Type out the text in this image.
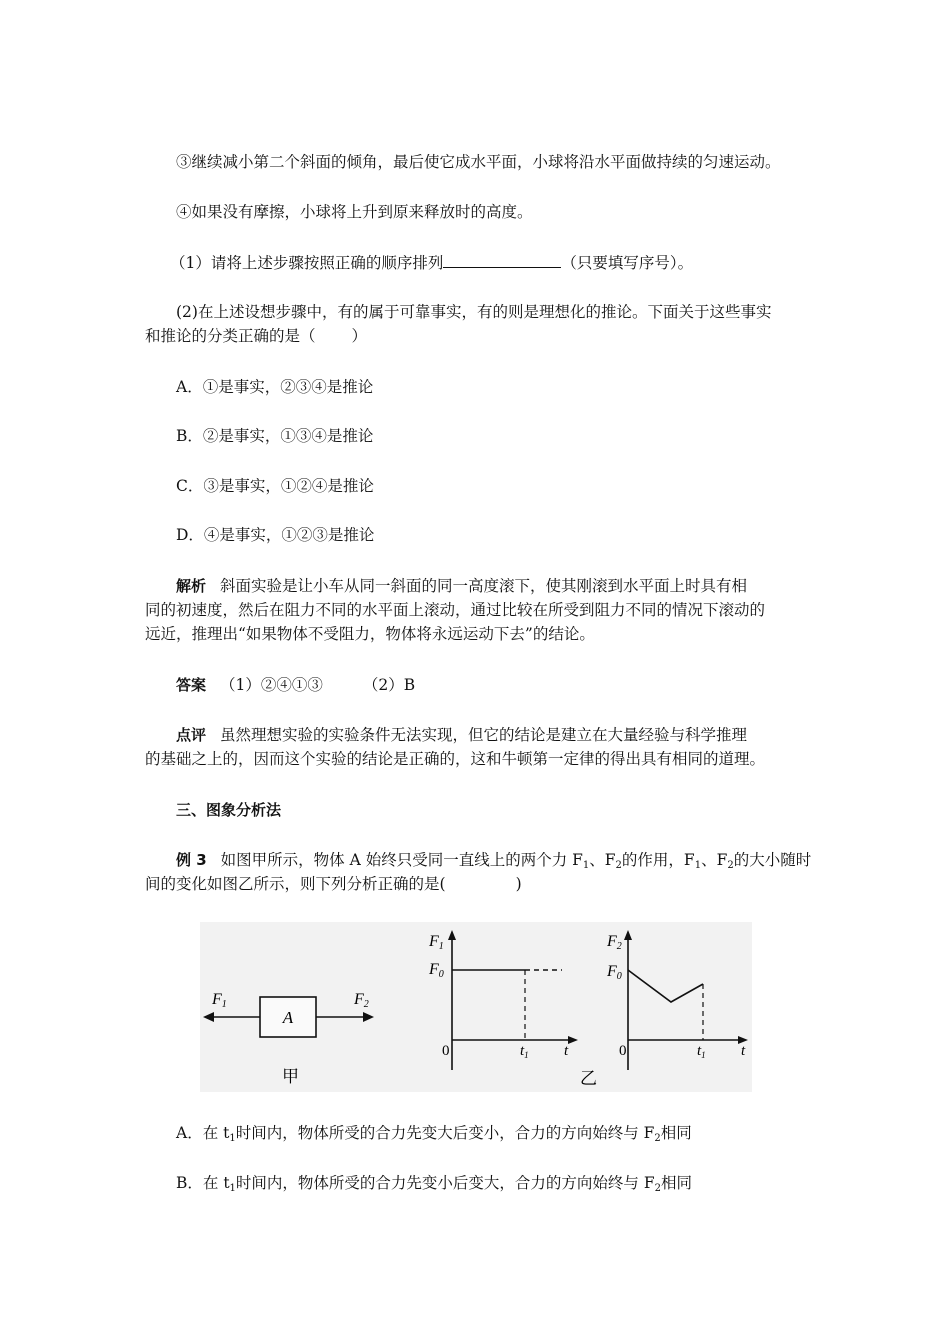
③继续减小第二个斜面的倾角，最后使它成水平面，小球将沿水平面做持续的匀速运动。
④如果没有摩擦，小球将上升到原来释放时的高度。
（1）请将上述步骤按照正确的顺序排列	（只要填写序号）。
(2)在上述设想步骤中，有的属于可靠事实，有的则是理想化的推论。下面关于这些事实
和推论的分类正确的是（ ）
A．①是事实，②③④是推论
B．②是事实，①③④是推论
C．③是事实，①②④是推论
D．④是事实，①②③是推论
解析 斜面实验是让小车从同一斜面的同一高度滚下，使其刚滚到水平面上时具有相
同的初速度，然后在阻力不同的水平面上滚动，通过比较在所受到阻力不同的情况下滚动的
远近，推理出“如果物体不受阻力，物体将永远运动下去”的结论。
答案 （1）②④①③	（2）B
点评 虽然理想实验的实验条件无法实现，但它的结论是建立在大量经验与科学推理
的基础之上的，因而这个实验的结论是正确的，这和牛顿第一定律的得出具有相同的道理。
三、图象分析法
例 3 如图甲所示，物体 A 始终只受同一直线上的两个力 $F_1$、$F_2$的作用，$F_1$、$F_2$的大小随时
间的变化如图乙所示，则下列分析正确的是(	)
A
F1	F2
甲
F1
F0
0	$t_1$ t
乙
F2
F0
0	$t_1$ t
A．在 $t_1$时间内，物体所受的合力先变大后变小，合力的方向始终与 $F_2$相同
B．在 $t_1$时间内，物体所受的合力先变小后变大，合力的方向始终与 $F_2$相同
